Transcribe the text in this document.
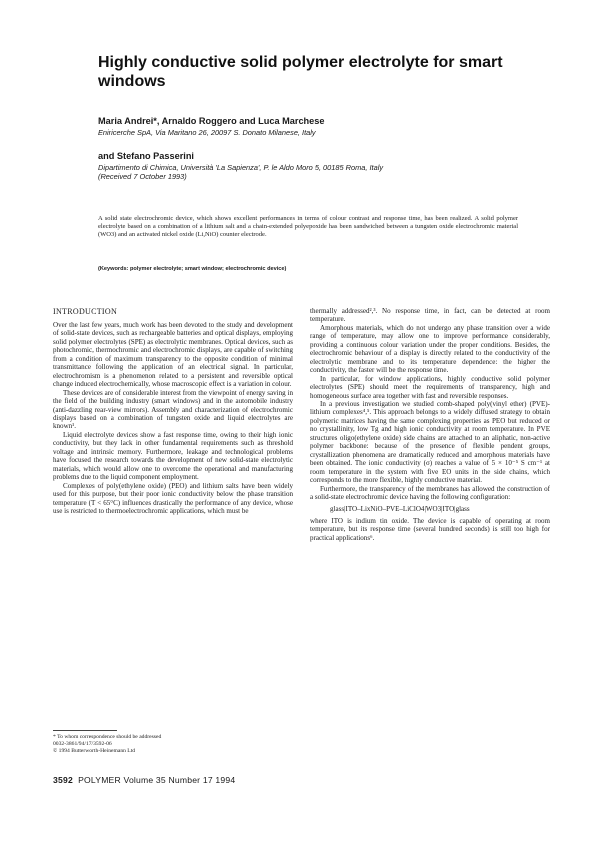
Highly conductive solid polymer electrolyte for smart windows
Maria Andrei*, Arnaldo Roggero and Luca Marchese
Eniricerche SpA, Via Maritano 26, 20097 S. Donato Milanese, Italy
and Stefano Passerini
Dipartimento di Chimica, Università 'La Sapienza', P. le Aldo Moro 5, 00185 Roma, Italy
(Received 7 October 1993)
A solid state electrochromic device, which shows excellent performances in terms of colour contrast and response time, has been realized. A solid polymer electrolyte based on a combination of a lithium salt and a chain-extended polyepoxide has been sandwiched between a tungsten oxide electrochromic material (WO3) and an activated nickel oxide (Li,NiO) counter electrode.
(Keywords: polymer electrolyte; smart window; electrochromic device)
INTRODUCTION

Over the last few years, much work has been devoted to the study and development of solid-state devices, such as rechargeable batteries and optical displays, employing solid polymer electrolytes (SPE) as electrolytic membranes. Optical devices, such as photochromic, thermochromic and electrochromic displays, are capable of switching from a condition of maximum transparency to the opposite condition of minimal transmittance following the application of an electrical signal. In particular, electrochromism is a phenomenon related to a persistent and reversible optical change induced electrochemically, whose macroscopic effect is a variation in colour.

These devices are of considerable interest from the viewpoint of energy saving in the field of the building industry (smart windows) and in the automobile industry (anti-dazzling rear-view mirrors). Assembly and characterization of electrochromic displays based on a combination of tungsten oxide and liquid electrolytes are known¹.

Liquid electrolyte devices show a fast response time, owing to their high ionic conductivity, but they lack in other fundamental requirements such as threshold voltage and intrinsic memory. Furthermore, leakage and technological problems have focused the research towards the development of new solid-state electrolytic materials, which would allow one to overcome the operational and manufacturing problems due to the liquid component employment.

Complexes of poly(ethylene oxide) (PEO) and lithium salts have been widely used for this purpose, but their poor ionic conductivity below the phase transition temperature (T < 65°C) influences drastically the performance of any device, whose use is restricted to thermoelectrochromic applications, which must be

thermally addressed²,³. No response time, in fact, can be detected at room temperature.

Amorphous materials, which do not undergo any phase transition over a wide range of temperature, may allow one to improve performance considerably, providing a continuous colour variation under the proper conditions. Besides, the electrochromic behaviour of a display is directly related to the conductivity of the electrolytic membrane and to its temperature dependence: the higher the conductivity, the faster will be the response time.

In particular, for window applications, highly conductive solid polymer electrolytes (SPE) should meet the requirements of transparency, high and homogeneous surface area together with fast and reversible responses.

In a previous investigation we studied comb-shaped poly(vinyl ether) (PVE)-lithium complexes⁴,⁵. This approach belongs to a widely diffused strategy to obtain polymeric matrices having the same complexing properties as PEO but reduced or no crystallinity, low Tg and high ionic conductivity at room temperature. In PVE structures oligo(ethylene oxide) side chains are attached to an aliphatic, non-active polymer backbone: because of the presence of flexible pendent groups, crystallization phenomena are dramatically reduced and amorphous materials have been obtained. The ionic conductivity (σ) reaches a value of 5 × 10⁻⁵ S cm⁻¹ at room temperature in the system with five EO units in the side chains, which corresponds to the more flexible, highly conductive material.

Furthermore, the transparency of the membranes has allowed the construction of a solid-state electrochromic device having the following configuration:

glass|ITO–LixNiO–PVE–LiClO4|WO3|ITO|glass

where ITO is indium tin oxide. The device is capable of operating at room temperature, but its response time (several hundred seconds) is still too high for practical applications⁶.

* To whom correspondence should be addressed
0032-3861/94/17/3592-06
© 1994 Butterworth-Heinemann Ltd
3592 POLYMER Volume 35 Number 17 1994
